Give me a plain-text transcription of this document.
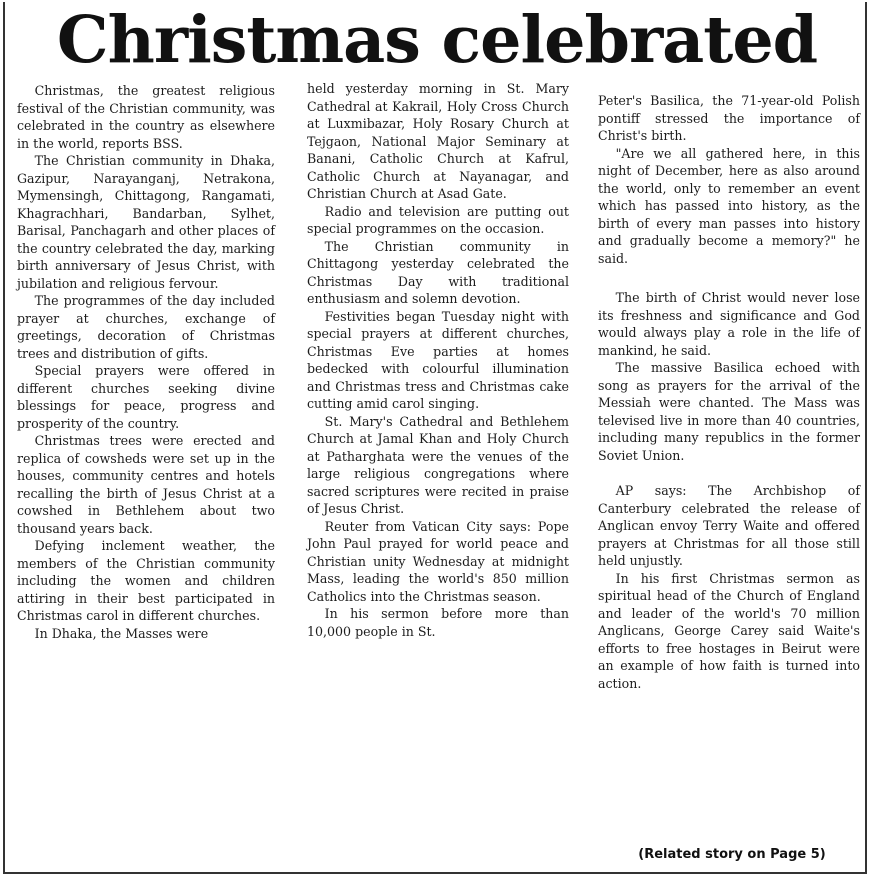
Christmas celebrated

Christmas, the greatest religious festival of the Christian community, was celebrated in the country as elsewhere in the world, reports BSS.

The Christian community in Dhaka, Gazipur, Narayanganj, Netrakona, Mymensingh, Chittagong, Rangamati, Khagrachhari, Bandarban, Sylhet, Barisal, Panchagarh and other places of the country celebrated the day, marking birth anniversary of Jesus Christ, with jubilation and religious fervour.

The programmes of the day included prayer at churches, exchange of greetings, decoration of Christmas trees and distribution of gifts.

Special prayers were offered in different churches seeking divine blessings for peace, progress and prosperity of the country.

Christmas trees were erected and replica of cowsheds were set up in the houses, community centres and hotels recalling the birth of Jesus Christ at a cowshed in Bethlehem about two thousand years back.

Defying inclement weather, the members of the Christian community including the women and children attiring in their best participated in Christmas carol in different churches.

In Dhaka, the Masses were

held yesterday morning in St. Mary Cathedral at Kakrail, Holy Cross Church at Luxmibazar, Holy Rosary Church at Tejgaon, National Major Seminary at Banani, Catholic Church at Kafrul, Catholic Church at Nayanagar, and Christian Church at Asad Gate.

Radio and television are putting out special programmes on the occasion.

The Christian community in Chittagong yesterday celebrated the Christmas Day with traditional enthusiasm and solemn devotion.

Festivities began Tuesday night with special prayers at different churches, Christmas Eve parties at homes bedecked with colourful illumination and Christmas tress and Christmas cake cutting amid carol singing.

St. Mary's Cathedral and Bethlehem Church at Jamal Khan and Holy Church at Patharghata were the venues of the large religious congregations where sacred scriptures were recited in praise of Jesus Christ.

Reuter from Vatican City says: Pope John Paul prayed for world peace and Christian unity Wednesday at midnight Mass, leading the world's 850 million Catholics into the Christmas season.

In his sermon before more than 10,000 people in St.

Peter's Basilica, the 71-year-old Polish pontiff stressed the importance of Christ's birth.

"Are we all gathered here, in this night of December, here as also around the world, only to remember an event which has passed into history, as the birth of every man passes into history and gradually become a memory?" he said.

The birth of Christ would never lose its freshness and significance and God would always play a role in the life of mankind, he said.

The massive Basilica echoed with song as prayers for the arrival of the Messiah were chanted. The Mass was televised live in more than 40 countries, including many republics in the former Soviet Union.

AP says: The Archbishop of Canterbury celebrated the release of Anglican envoy Terry Waite and offered prayers at Christmas for all those still held unjustly.

In his first Christmas sermon as spiritual head of the Church of England and leader of the world's 70 million Anglicans, George Carey said Waite's efforts to free hostages in Beirut were an example of how faith is turned into action.

(Related story on Page 5)
